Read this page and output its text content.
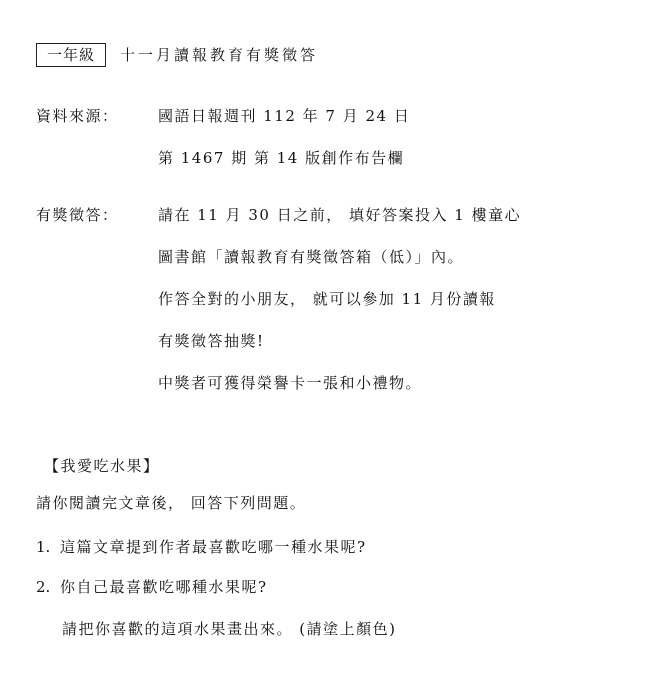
一年級	十一月讀報教育有獎徵答
資料來源：	國語日報週刊 112 年 7 月 24 日
第 1467 期 第 14 版創作布告欄
有獎徵答：	請在 11 月 30 日之前， 填好答案投入 1 樓童心
圖書館「讀報教育有獎徵答箱（低）」內。
作答全對的小朋友， 就可以參加 11 月份讀報
有獎徵答抽獎!
中獎者可獲得榮譽卡一張和小禮物。
【我愛吃水果】
請你閱讀完文章後， 回答下列問題。
1. 這篇文章提到作者最喜歡吃哪一種水果呢?
2. 你自己最喜歡吃哪種水果呢?
請把你喜歡的這項水果畫出來。 (請塗上顏色)
